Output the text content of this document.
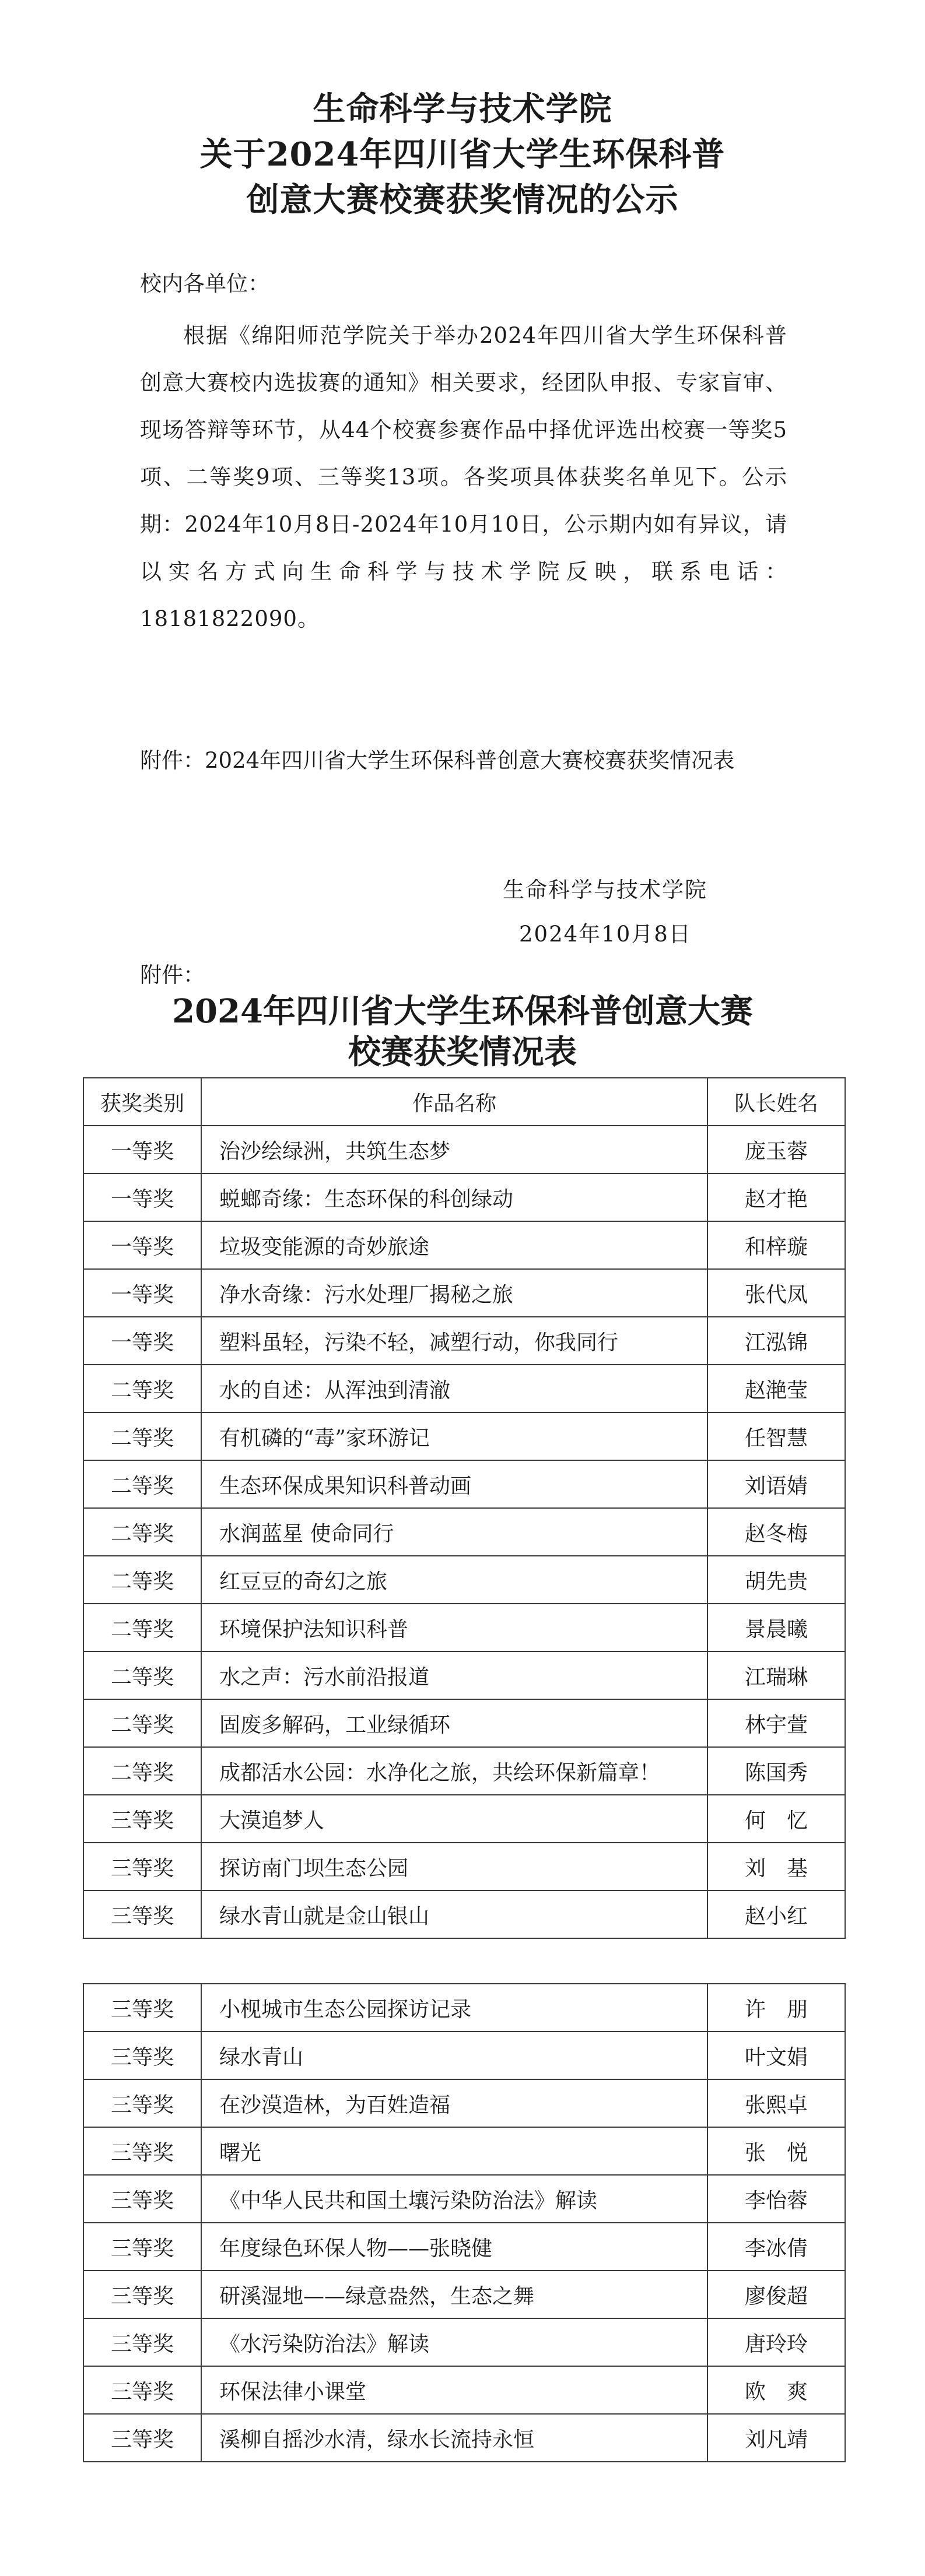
生命科学与技术学院
关于2024年四川省大学生环保科普
创意大赛校赛获奖情况的公示
校内各单位：
根据《绵阳师范学院关于举办2024年四川省大学生环保科普创意大赛校内选拔赛的通知》相关要求，经团队申报、专家盲审、现场答辩等环节，从44个校赛参赛作品中择优评选出校赛一等奖5项、二等奖9项、三等奖13项。各奖项具体获奖名单见下。公示期：2024年10月8日-2024年10月10日，公示期内如有异议，请以实名方式向生命科学与技术学院反映，联系电话：18181822090。
附件：2024年四川省大学生环保科普创意大赛校赛获奖情况表
生命科学与技术学院
2024年10月8日
附件：
2024年四川省大学生环保科普创意大赛
校赛获奖情况表
获奖类别	作品名称	队长姓名
一等奖	治沙绘绿洲，共筑生态梦	庞玉蓉
一等奖	蜕螂奇缘：生态环保的科创绿动	赵才艳
一等奖	垃圾变能源的奇妙旅途	和梓璇
一等奖	净水奇缘：污水处理厂揭秘之旅	张代凤
一等奖	塑料虽轻，污染不轻，减塑行动，你我同行	江泓锦
二等奖	水的自述：从浑浊到清澈	赵滟莹
二等奖	有机磷的“毒”家环游记	任智慧
二等奖	生态环保成果知识科普动画	刘语婧
二等奖	水润蓝星 使命同行	赵冬梅
二等奖	红豆豆的奇幻之旅	胡先贵
二等奖	环境保护法知识科普	景晨曦
二等奖	水之声：污水前沿报道	江瑞琳
二等奖	固废多解码，工业绿循环	林宇萱
二等奖	成都活水公园：水净化之旅，共绘环保新篇章！	陈国秀
三等奖	大漠追梦人	何　忆
三等奖	探访南门坝生态公园	刘　基
三等奖	绿水青山就是金山银山	赵小红
三等奖	小枧城市生态公园探访记录	许　朋
三等奖	绿水青山	叶文娟
三等奖	在沙漠造林，为百姓造福	张熙卓
三等奖	曙光	张　悦
三等奖	《中华人民共和国土壤污染防治法》解读	李怡蓉
三等奖	年度绿色环保人物——张晓健	李冰倩
三等奖	研溪湿地——绿意盎然，生态之舞	廖俊超
三等奖	《水污染防治法》解读	唐玲玲
三等奖	环保法律小课堂	欧　爽
三等奖	溪柳自摇沙水清，绿水长流持永恒	刘凡靖
